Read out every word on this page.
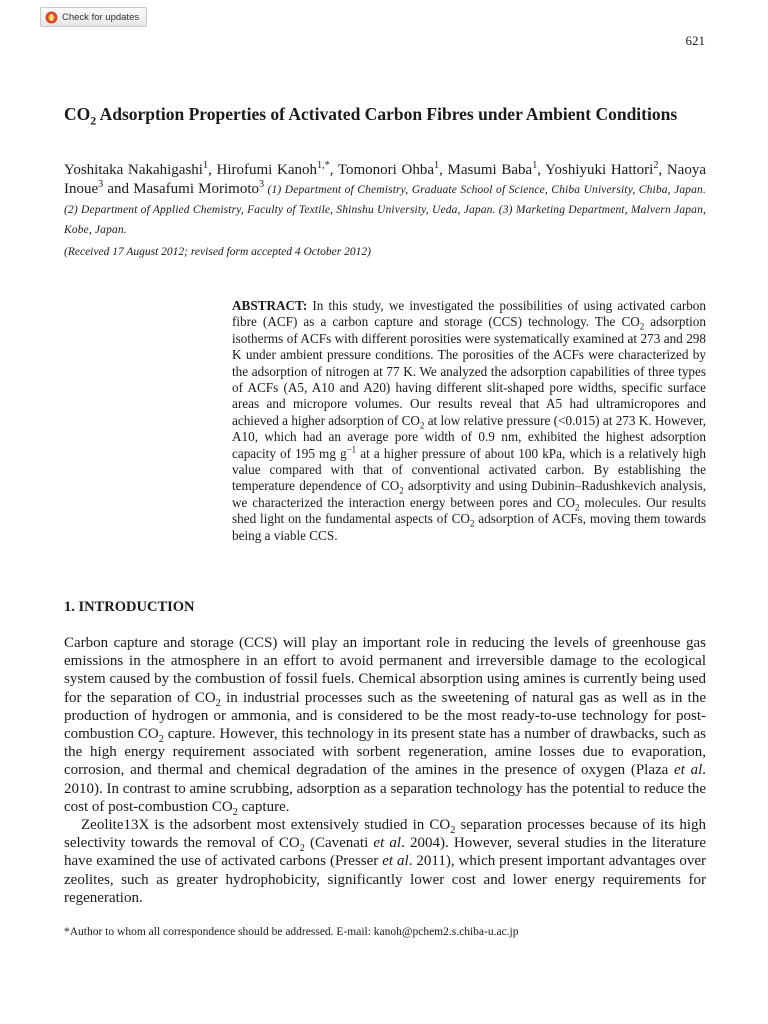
Check for updates
621
$CO_2$ Adsorption Properties of Activated Carbon Fibres under Ambient Conditions

Yoshitaka Nakahigashi$^1$, Hirofumi Kanoh$^{1,*}$, Tomonori Ohba$^1$, Masumi Baba$^1$, Yoshiyuki Hattori$^2$, Naoya Inoue$^3$ and Masafumi Morimoto$^3$ (1) Department of Chemistry, Graduate School of Science, Chiba University, Chiba, Japan. (2) Department of Applied Chemistry, Faculty of Textile, Shinshu University, Ueda, Japan. (3) Marketing Department, Malvern Japan, Kobe, Japan.

(Received 17 August 2012; revised form accepted 4 October 2012)

ABSTRACT: In this study, we investigated the possibilities of using activated carbon fibre (ACF) as a carbon capture and storage (CCS) technology. The $CO_2$ adsorption isotherms of ACFs with different porosities were systematically examined at 273 and 298 K under ambient pressure conditions. The porosities of the ACFs were characterized by the adsorption of nitrogen at 77 K. We analyzed the adsorption capabilities of three types of ACFs (A5, A10 and A20) having different slit-shaped pore widths, specific surface areas and micropore volumes. Our results reveal that A5 had ultramicropores and achieved a higher adsorption of $CO_2$ at low relative pressure (<0.015) at 273 K. However, A10, which had an average pore width of 0.9 nm, exhibited the highest adsorption capacity of 195 mg $g^{-1}$ at a higher pressure of about 100 kPa, which is a relatively high value compared with that of conventional activated carbon. By establishing the temperature dependence of $CO_2$ adsorptivity and using Dubinin–Radushkevich analysis, we characterized the interaction energy between pores and $CO_2$ molecules. Our results shed light on the fundamental aspects of $CO_2$ adsorption of ACFs, moving them towards being a viable CCS.

1. INTRODUCTION

Carbon capture and storage (CCS) will play an important role in reducing the levels of greenhouse gas emissions in the atmosphere in an effort to avoid permanent and irreversible damage to the ecological system caused by the combustion of fossil fuels. Chemical absorption using amines is currently being used for the separation of $CO_2$ in industrial processes such as the sweetening of natural gas as well as in the production of hydrogen or ammonia, and is considered to be the most ready-to-use technology for post-combustion $CO_2$ capture. However, this technology in its present state has a number of drawbacks, such as the high energy requirement associated with sorbent regeneration, amine losses due to evaporation, corrosion, and thermal and chemical degradation of the amines in the presence of oxygen (Plaza et al. 2010). In contrast to amine scrubbing, adsorption as a separation technology has the potential to reduce the cost of post-combustion $CO_2$ capture.

Zeolite13X is the adsorbent most extensively studied in $CO_2$ separation processes because of its high selectivity towards the removal of $CO_2$ (Cavenati et al. 2004). However, several studies in the literature have examined the use of activated carbons (Presser et al. 2011), which present important advantages over zeolites, such as greater hydrophobicity, significantly lower cost and lower energy requirements for regeneration.

*Author to whom all correspondence should be addressed. E-mail: kanoh@pchem2.s.chiba-u.ac.jp
